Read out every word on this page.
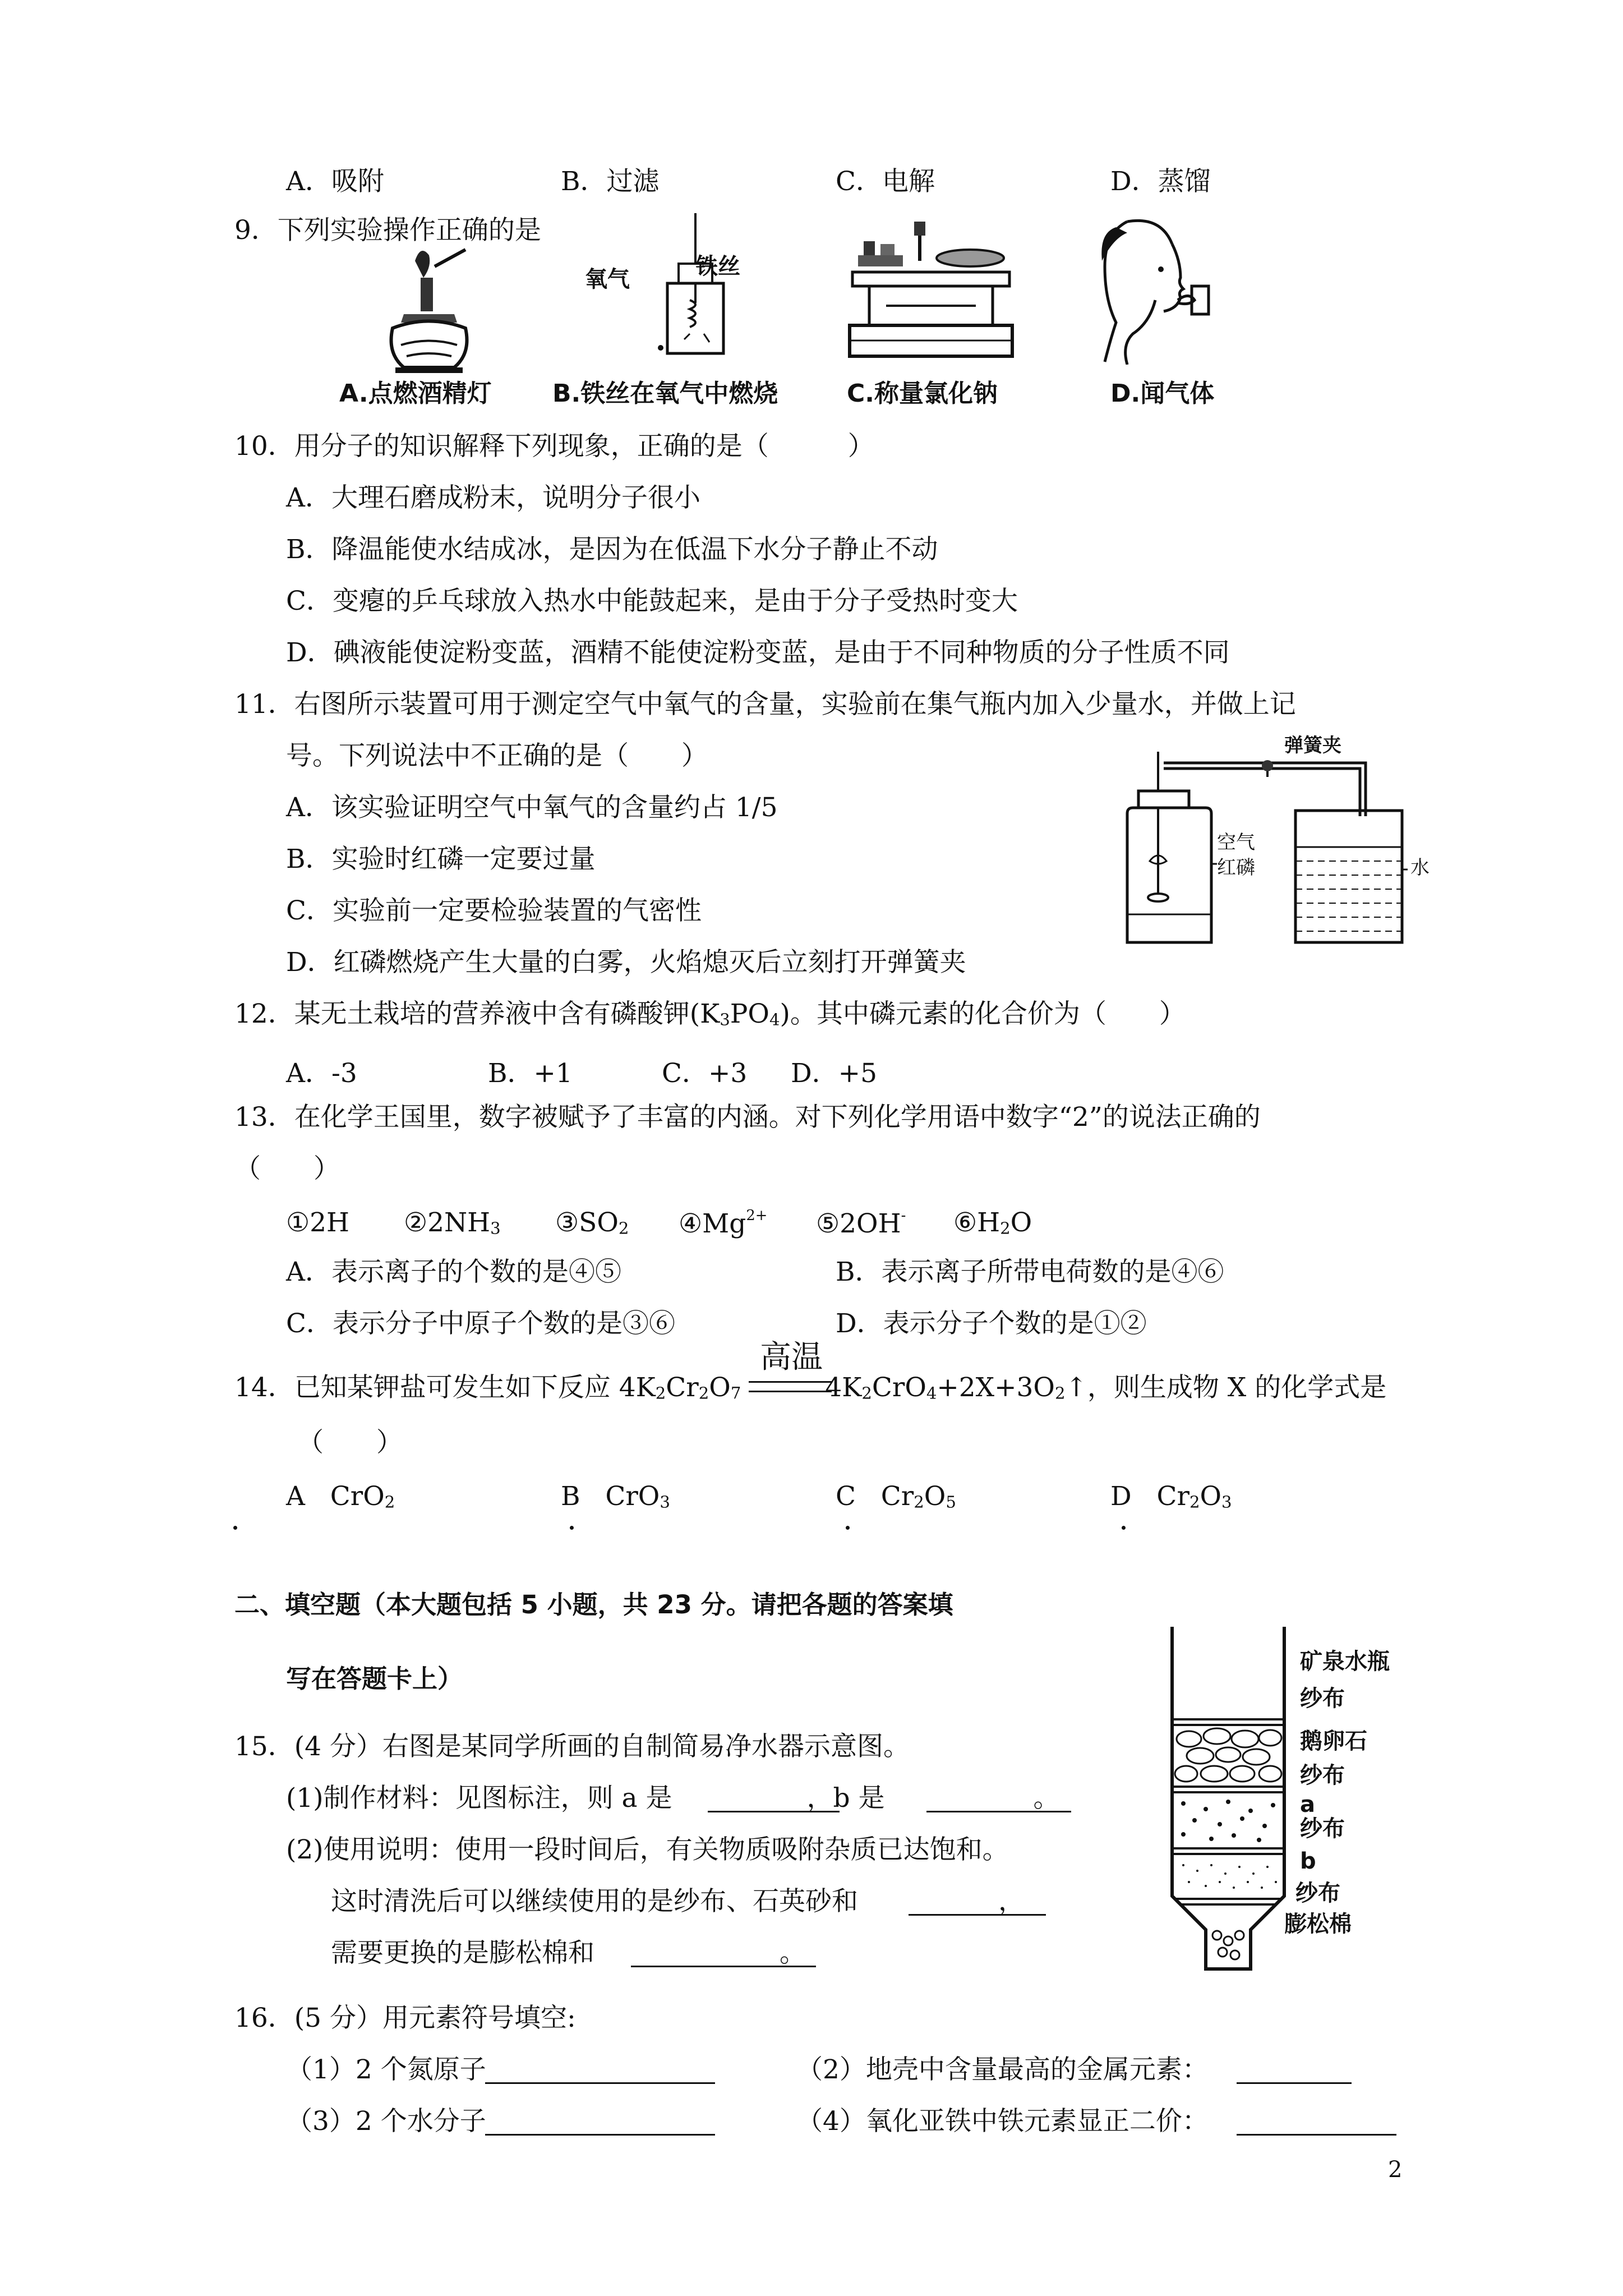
A．吸附	B．过滤	C．电解	D．蒸馏
9．下列实验操作正确的是
A.点燃酒精灯
氧气	铁丝
B.铁丝在氧气中燃烧	C.称量氯化钠	D.闻气体
10．用分子的知识解释下列现象，正确的是（　　　）
A．大理石磨成粉末，说明分子很小
B．降温能使水结成冰，是因为在低温下水分子静止不动
C．变瘪的乒乓球放入热水中能鼓起来，是由于分子受热时变大
D．碘液能使淀粉变蓝，酒精不能使淀粉变蓝，是由于不同种物质的分子性质不同
11．右图所示装置可用于测定空气中氧气的含量，实验前在集气瓶内加入少量水，并做上记
号。下列说法中不正确的是（　　）
A．该实验证明空气中氧气的含量约占 1/5
B．实验时红磷一定要过量
C．实验前一定要检验装置的气密性
D．红磷燃烧产生大量的白雾，火焰熄灭后立刻打开弹簧夹
弹簧夹
空气
红磷	水
12．某无土栽培的营养液中含有磷酸钾$(K_3PO_4)$。其中磷元素的化合价为（　　）
A．-3	B．+1	C．+3 D．+5
13．在化学王国里，数字被赋予了丰富的内涵。对下列化学用语中数字“2”的说法正确的
（　　）
①2H $②2NH_3$ $③SO_2$ $④Mg^{2+}$ ⑤2OH- $⑥H_2O$
A．表示离子的个数的是④⑤	B．表示离子所带电荷数的是④⑥
C．表示分子中原子个数的是③⑥	D．表示分子个数的是①②
14．已知某钾盐可发生如下反应 $4K_2Cr_2O_7$	$4K_2CrO_4+2X+3O_2↑$，则生成物 X 的化学式是
高温
（　　）
A CrO$_2$	B CrO$_3$	C $Cr_2O_5$	D $Cr_2O_3$
二、填空题（本大题包括 5 小题，共 23 分。请把各题的答案填
写在答题卡上）
15．(4 分）右图是某同学所画的自制简易净水器示意图。
(1)制作材料：见图标注，则 a 是	，b 是	。
(2)使用说明：使用一段时间后，有关物质吸附杂质已达饱和。
这时清洗后可以继续使用的是纱布、石英砂和	，
需要更换的是膨松棉和	。
矿泉水瓶
纱布
鹅卵石
纱布
a
纱布
b
纱布
膨松棉
16．(5 分）用元素符号填空:
（1）2 个氮原子	（2）地壳中含量最高的金属元素：
（3）2 个水分子	（4）氧化亚铁中铁元素显正二价：
2
